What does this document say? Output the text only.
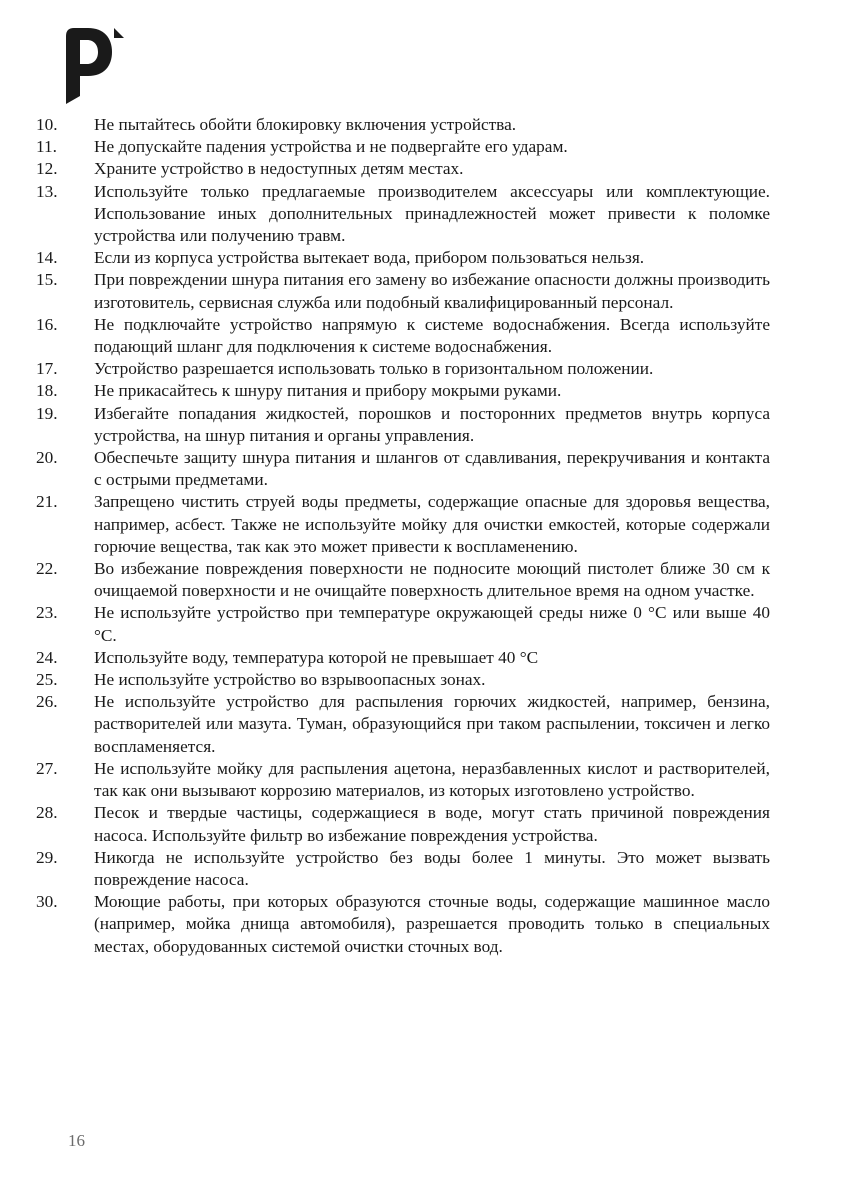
10.	Не пытайтесь обойти блокировку включения устройства.
11.	Не допускайте падения устройства и не подвергайте его ударам.
12.	Храните устройство в недоступных детям местах.
13.	Используйте только предлагаемые производителем аксессуары или комплектующие. Использование иных дополнительных принадлежностей может привести к поломке устройства или получению травм.
14.	Если из корпуса устройства вытекает вода, прибором пользоваться нельзя.
15.	При повреждении шнура питания его замену во избежание опасности должны производить изготовитель, сервисная служба или подобный квалифицированный персонал.
16.	Не подключайте устройство напрямую к системе водоснабжения. Всегда используйте подающий шланг для подключения к системе водоснабжения.
17.	Устройство разрешается использовать только в горизонтальном положении.
18.	Не прикасайтесь к шнуру питания и прибору мокрыми руками.
19.	Избегайте попадания жидкостей, порошков и посторонних предметов внутрь корпуса устройства, на шнур питания и органы управления.
20.	Обеспечьте защиту шнура питания и шлангов от сдавливания, перекручивания и контакта с острыми предметами.
21.	Запрещено чистить струей воды предметы, содержащие опасные для здоровья вещества, например, асбест. Также не используйте мойку для очистки емкостей, которые содержали горючие вещества, так как это может привести к воспламенению.
22.	Во избежание повреждения поверхности не подносите моющий пистолет ближе 30 см к очищаемой поверхности и не очищайте поверхность длительное время на одном участке.
23.	Не используйте устройство при температуре окружающей среды ниже 0 °C или выше 40 °C.
24.	Используйте воду, температура которой не превышает 40 °C
25.	Не используйте устройство во взрывоопасных зонах.
26.	Не используйте устройство для распыления горючих жидкостей, например, бензина, растворителей или мазута. Туман, образующийся при таком распылении, токсичен и легко воспламеняется.
27.	Не используйте мойку для распыления ацетона, неразбавленных кислот и растворителей, так как они вызывают коррозию материалов, из которых изготовлено устройство.
28.	Песок и твердые частицы, содержащиеся в воде, могут стать причиной повреждения насоса. Используйте фильтр во избежание повреждения устройства.
29.	Никогда не используйте устройство без воды более 1 минуты. Это может вызвать повреждение насоса.
30.	Моющие работы, при которых образуются сточные воды, содержащие машинное масло (например, мойка днища автомобиля), разрешается проводить только в специальных местах, оборудованных системой очистки сточных вод.
16
